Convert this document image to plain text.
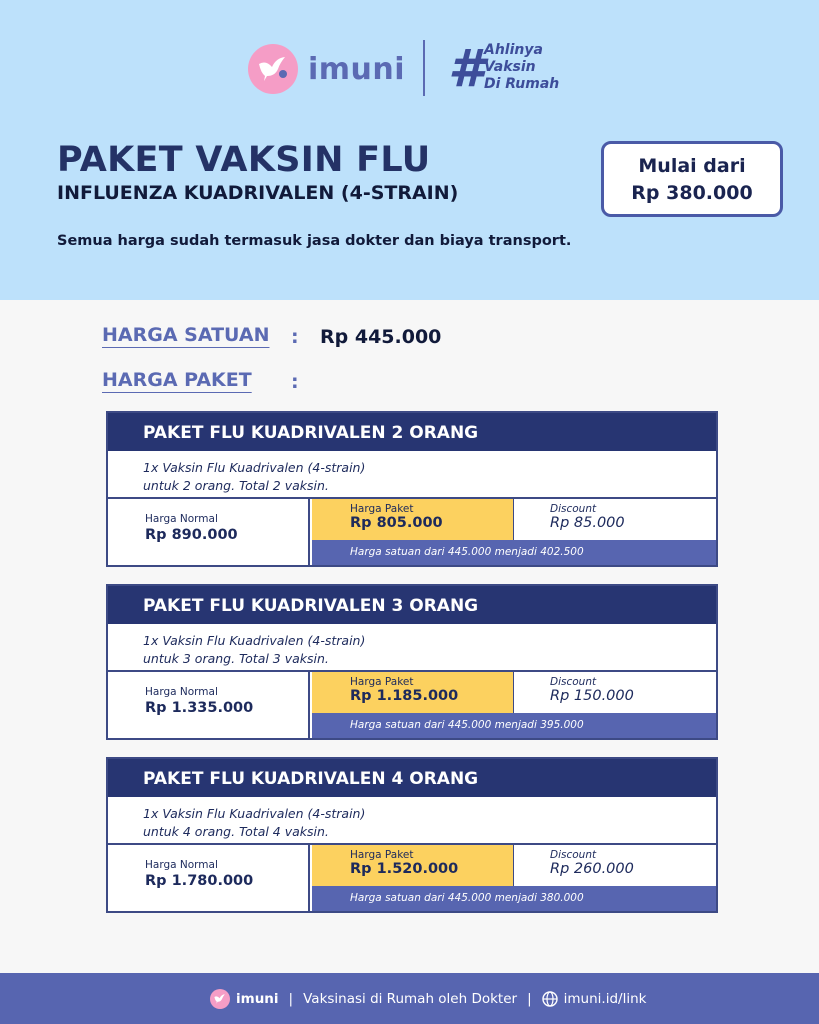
imuni # Ahlinya
Vaksin
Di Rumah
PAKET VAKSIN FLU
INFLUENZA KUADRIVALEN (4-STRAIN)
Semua harga sudah termasuk jasa dokter dan biaya transport.
Mulai dari
Rp 380.000
HARGA SATUAN : Rp 445.000
HARGA PAKET :
PAKET FLU KUADRIVALEN 2 ORANG
1x Vaksin Flu Kuadrivalen (4-strain)
untuk 2 orang. Total 2 vaksin.
Harga Normal
Rp 890.000
Harga Paket
Rp 805.000
Discount
Rp 85.000
Harga satuan dari 445.000 menjadi 402.500
PAKET FLU KUADRIVALEN 3 ORANG
1x Vaksin Flu Kuadrivalen (4-strain)
untuk 3 orang. Total 3 vaksin.
Harga Normal
Rp 1.335.000
Harga Paket
Rp 1.185.000
Discount
Rp 150.000
Harga satuan dari 445.000 menjadi 395.000
PAKET FLU KUADRIVALEN 4 ORANG
1x Vaksin Flu Kuadrivalen (4-strain)
untuk 4 orang. Total 4 vaksin.
Harga Normal
Rp 1.780.000
Harga Paket
Rp 1.520.000
Discount
Rp 260.000
Harga satuan dari 445.000 menjadi 380.000
imuni | Vaksinasi di Rumah oleh Dokter | imuni.id/link
